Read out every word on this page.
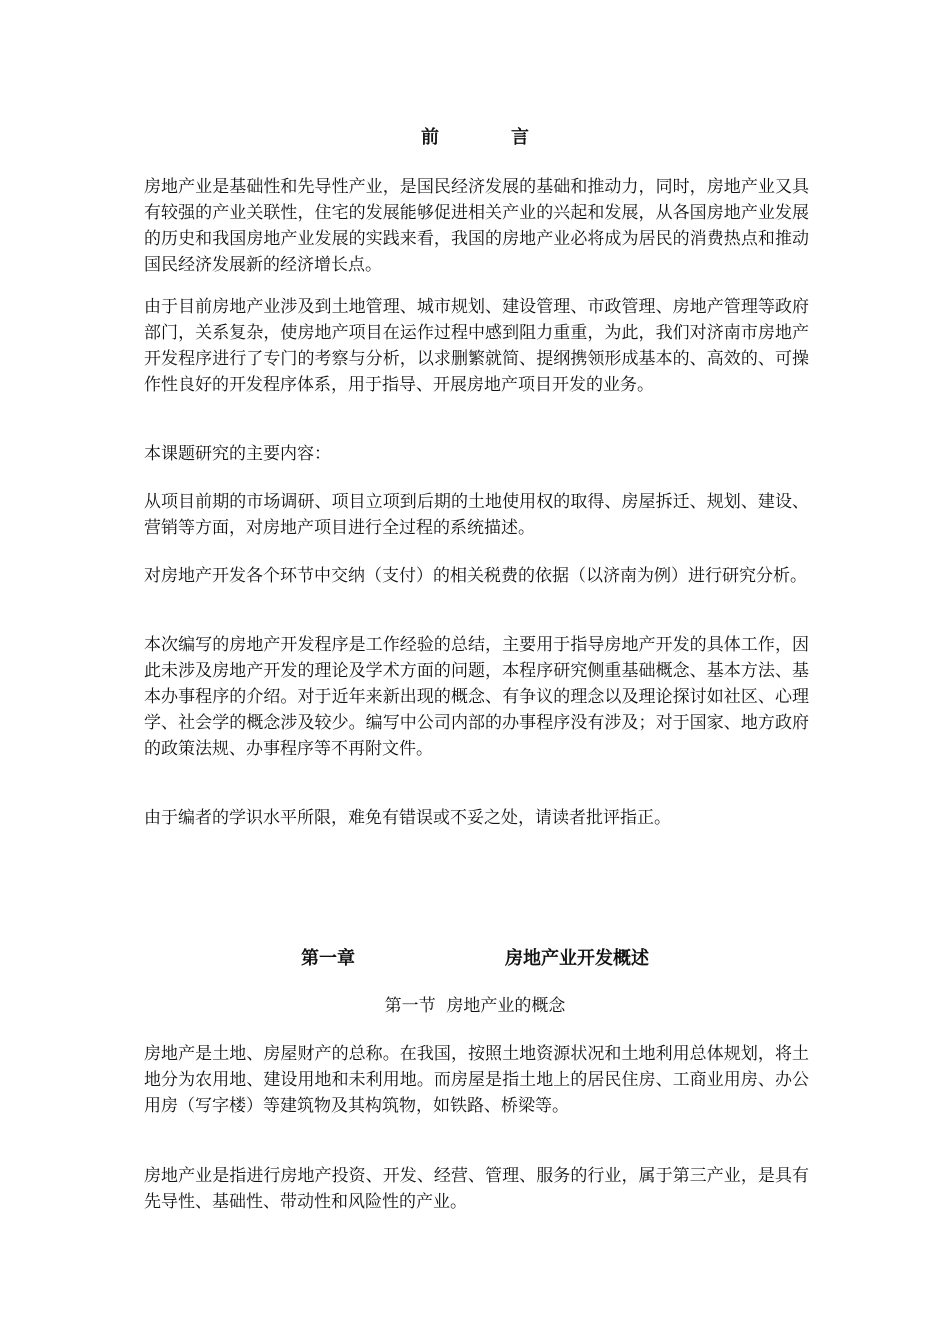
前	言

房地产业是基础性和先导性产业，是国民经济发展的基础和推动力，同时，房地产业又具有较强的产业关联性，住宅的发展能够促进相关产业的兴起和发展，从各国房地产业发展的历史和我国房地产业发展的实践来看，我国的房地产业必将成为居民的消费热点和推动国民经济发展新的经济增长点。

由于目前房地产业涉及到土地管理、城市规划、建设管理、市政管理、房地产管理等政府部门，关系复杂，使房地产项目在运作过程中感到阻力重重，为此，我们对济南市房地产开发程序进行了专门的考察与分析，以求删繁就简、提纲携领形成基本的、高效的、可操作性良好的开发程序体系，用于指导、开展房地产项目开发的业务。

本课题研究的主要内容：

从项目前期的市场调研、项目立项到后期的土地使用权的取得、房屋拆迁、规划、建设、营销等方面，对房地产项目进行全过程的系统描述。

对房地产开发各个环节中交纳（支付）的相关税费的依据（以济南为例）进行研究分析。

本次编写的房地产开发程序是工作经验的总结，主要用于指导房地产开发的具体工作，因此未涉及房地产开发的理论及学术方面的问题，本程序研究侧重基础概念、基本方法、基本办事程序的介绍。对于近年来新出现的概念、有争议的理念以及理论探讨如社区、心理学、社会学的概念涉及较少。编写中公司内部的办事程序没有涉及；对于国家、地方政府的政策法规、办事程序等不再附文件。

由于编者的学识水平所限，难免有错误或不妥之处，请读者批评指正。

第一章	房地产业开发概述
第一节  房地产业的概念

房地产是土地、房屋财产的总称。在我国，按照土地资源状况和土地利用总体规划，将土地分为农用地、建设用地和未利用地。而房屋是指土地上的居民住房、工商业用房、办公用房（写字楼）等建筑物及其构筑物，如铁路、桥梁等。

房地产业是指进行房地产投资、开发、经营、管理、服务的行业，属于第三产业，是具有先导性、基础性、带动性和风险性的产业。
